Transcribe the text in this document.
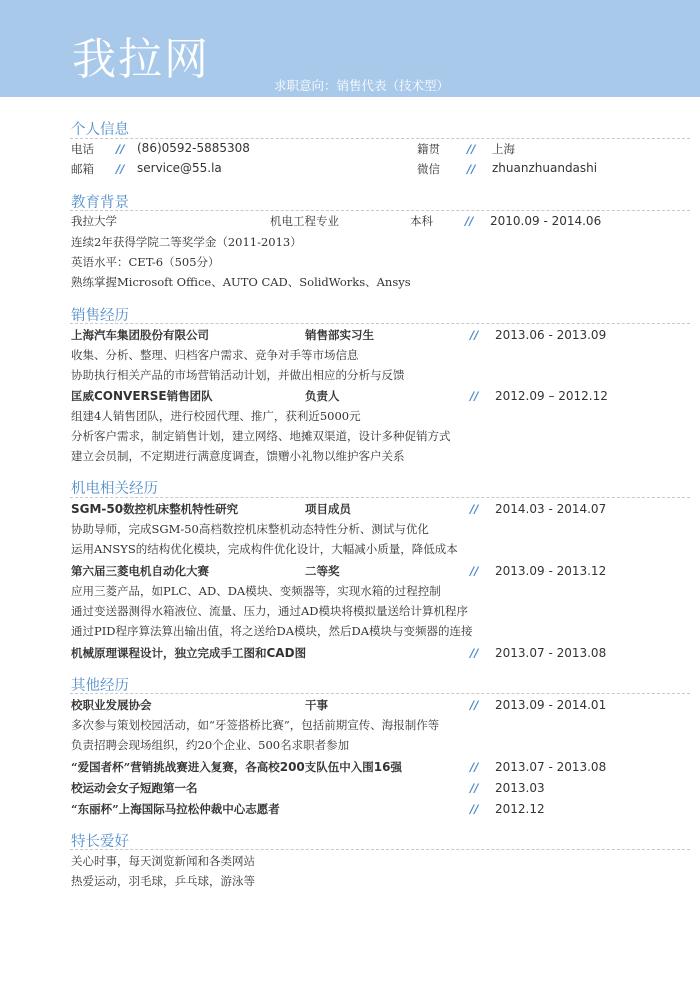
我拉网
求职意向：销售代表（技术型）
个人信息
电话 // (86)0592-5885308	籍贯 // 上海
邮箱 // service@55.la	微信 // zhuanzhuandashi
教育背景
我拉大学	机电工程专业	本科	// 2010.09 - 2014.06
连续2年获得学院二等奖学金（2011-2013）
英语水平：CET-6（505分）
熟练掌握Microsoft Office、AUTO CAD、SolidWorks、Ansys
销售经历
上海汽车集团股份有限公司	销售部实习生	// 2013.06 - 2013.09
收集、分析、整理、归档客户需求、竞争对手等市场信息
协助执行相关产品的市场营销活动计划，并做出相应的分析与反馈
匡威CONVERSE销售团队	负责人	// 2012.09 – 2012.12
组建4人销售团队，进行校园代理、推广，获利近5000元
分析客户需求，制定销售计划，建立网络、地摊双渠道，设计多种促销方式
建立会员制，不定期进行满意度调查，馈赠小礼物以维护客户关系
机电相关经历
SGM-50数控机床整机特性研究	项目成员	// 2014.03 - 2014.07
协助导师，完成SGM-50高档数控机床整机动态特性分析、测试与优化
运用ANSYS的结构优化模块，完成构件优化设计，大幅减小质量，降低成本
第六届三菱电机自动化大赛	二等奖	// 2013.09 - 2013.12
应用三菱产品，如PLC、AD、DA模块、变频器等，实现水箱的过程控制
通过变送器测得水箱液位、流量、压力，通过AD模块将模拟量送给计算机程序
通过PID程序算法算出输出值，将之送给DA模块，然后DA模块与变频器的连接
机械原理课程设计，独立完成手工图和CAD图	// 2013.07 - 2013.08
其他经历
校职业发展协会	干事	// 2013.09 - 2014.01
多次参与策划校园活动，如“牙签搭桥比赛”，包括前期宣传、海报制作等
负责招聘会现场组织，约20个企业、500名求职者参加
“爱国者杯”营销挑战赛进入复赛，各高校200支队伍中入围16强	// 2013.07 - 2013.08
校运动会女子短跑第一名	// 2013.03
“东丽杯”上海国际马拉松仲裁中心志愿者	// 2012.12
特长爱好
关心时事，每天浏览新闻和各类网站
热爱运动，羽毛球，乒乓球，游泳等
